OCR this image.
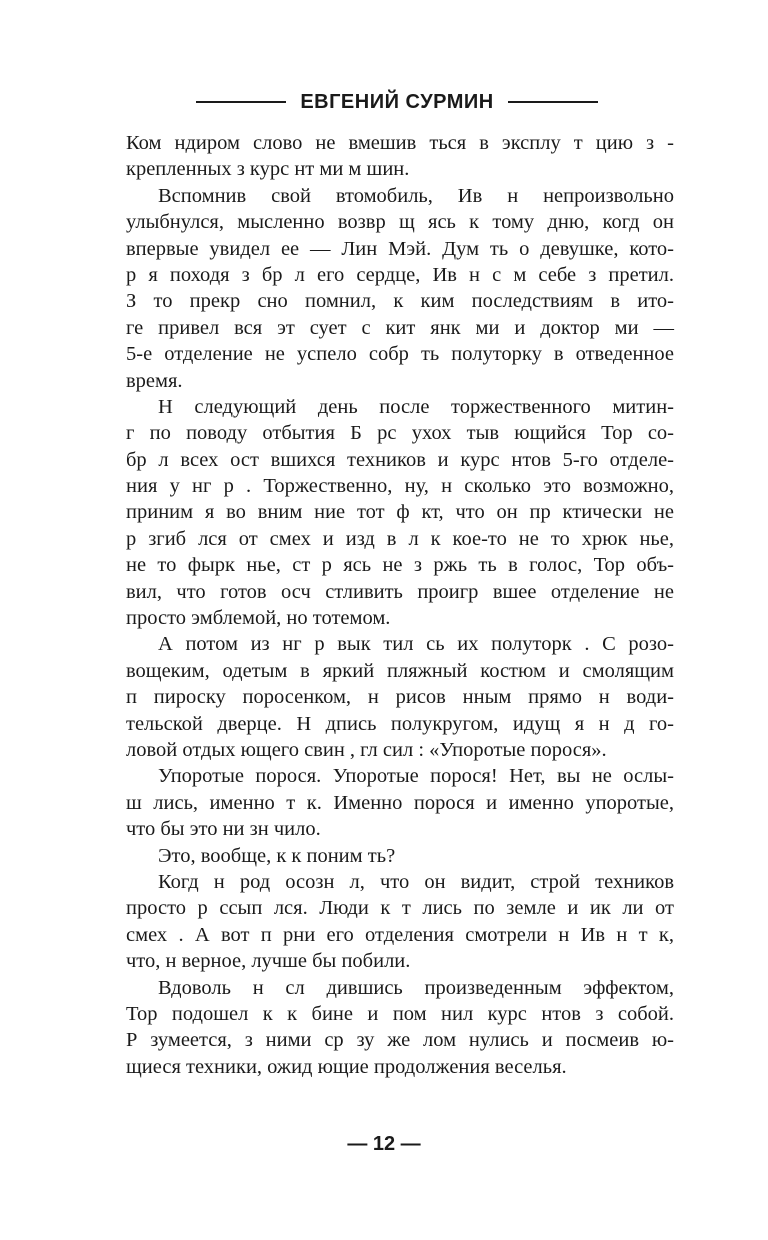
ЕВГЕНИЙ СУРМИН
Ком ндиром слово не вмешив ться в эксплу т цию з -
крепленных з курс нт ми м шин.
Вспомнив свой втомобиль, Ив н непроизвольно
улыбнулся, мысленно возвр щ ясь к тому дню, когд он
впервые увидел ее — Лин Мэй. Дум ть о девушке, кото-
р я походя з бр л его сердце, Ив н с м себе з претил.
З то прекр сно помнил, к ким последствиям в ито-
ге привел вся эт сует с кит янк ми и доктор ми —
5-е отделение не успело собр ть полуторку в отведенное
время.
Н следующий день после торжественного митин-
г по поводу отбытия Б рс ухох тыв ющийся Тор со-
бр л всех ост вшихся техников и курс нтов 5-го отделе-
ния у нг р . Торжественно, ну, н сколько это возможно,
приним я во вним ние тот ф кт, что он пр ктически не
р згиб лся от смех и изд в л к кое-то не то хрюк нье,
не то фырк нье, ст р ясь не з ржь ть в голос, Тор объ-
вил, что готов осч стливить проигр вшее отделение не
просто эмблемой, но тотемом.
А потом из нг р вык тил сь их полуторк . С розо-
вощеким, одетым в яркий пляжный костюм и смолящим
п пироску поросенком, н рисов нным прямо н води-
тельской дверце. Н дпись полукругом, идущ я н д го-
ловой отдых ющего свин , гл сил : «Упоротые порося».
Упоротые порося. Упоротые порося! Нет, вы не ослы-
ш лись, именно т к. Именно порося и именно упоротые,
что бы это ни зн чило.
Это, вообще, к к поним ть?
Когд н род осозн л, что он видит, строй техников
просто р ссып лся. Люди к т лись по земле и ик ли от
смех . А вот п рни его отделения смотрели н Ив н т к,
что, н верное, лучше бы побили.
Вдоволь н сл дившись произведенным эффектом,
Тор подошел к к бине и пом нил курс нтов з собой.
Р зумеется, з ними ср зу же лом нулись и посмеив ю-
щиеся техники, ожид ющие продолжения веселья.
— 12 —
